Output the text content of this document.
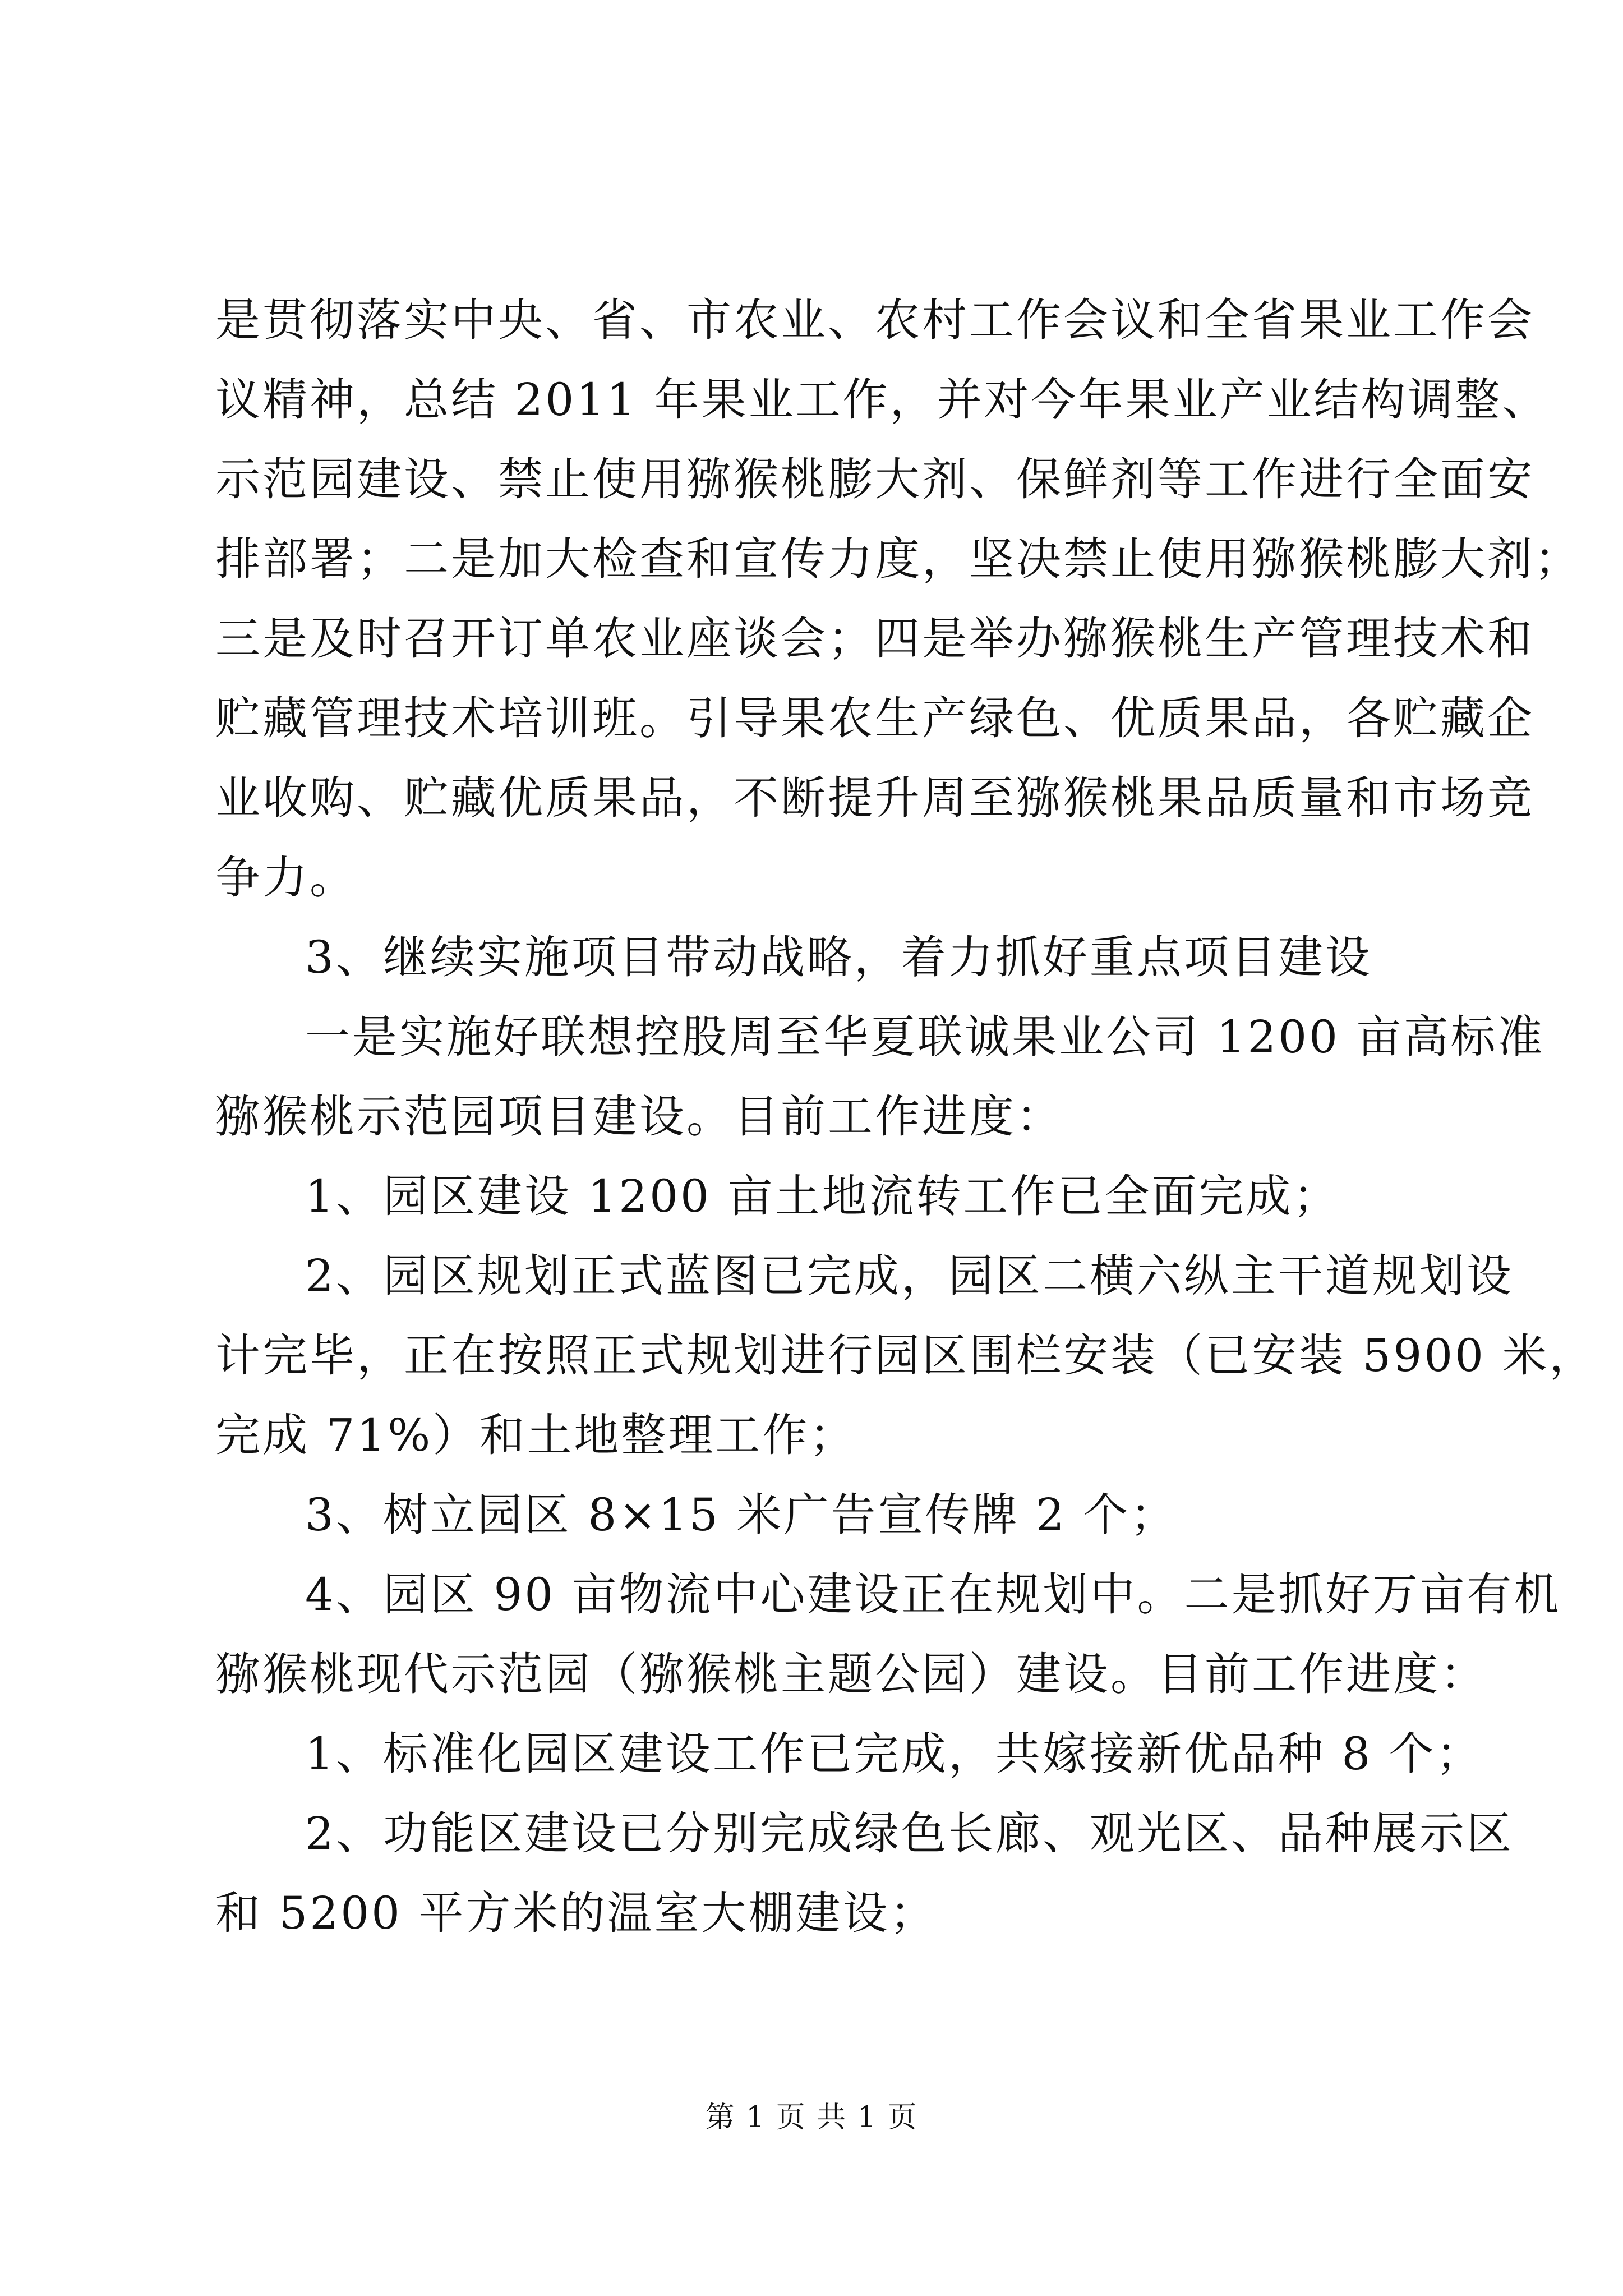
是贯彻落实中央、省、市农业、农村工作会议和全省果业工作会
议精神，总结 2011 年果业工作，并对今年果业产业结构调整、
示范园建设、禁止使用猕猴桃膨大剂、保鲜剂等工作进行全面安
排部署；二是加大检查和宣传力度，坚决禁止使用猕猴桃膨大剂；
三是及时召开订单农业座谈会；四是举办猕猴桃生产管理技术和
贮藏管理技术培训班。引导果农生产绿色、优质果品，各贮藏企
业收购、贮藏优质果品，不断提升周至猕猴桃果品质量和市场竞
争力。
3、继续实施项目带动战略，着力抓好重点项目建设
一是实施好联想控股周至华夏联诚果业公司 1200 亩高标准
猕猴桃示范园项目建设。目前工作进度：
1、园区建设 1200 亩土地流转工作已全面完成；
2、园区规划正式蓝图已完成，园区二横六纵主干道规划设
计完毕，正在按照正式规划进行园区围栏安装（已安装 5900 米，
完成 71%）和土地整理工作；
3、树立园区 8×15 米广告宣传牌 2 个；
4、园区 90 亩物流中心建设正在规划中。二是抓好万亩有机
猕猴桃现代示范园（猕猴桃主题公园）建设。目前工作进度：
1、标准化园区建设工作已完成，共嫁接新优品种 8 个；
2、功能区建设已分别完成绿色长廊、观光区、品种展示区
和 5200 平方米的温室大棚建设；
第 1 页 共 1 页
